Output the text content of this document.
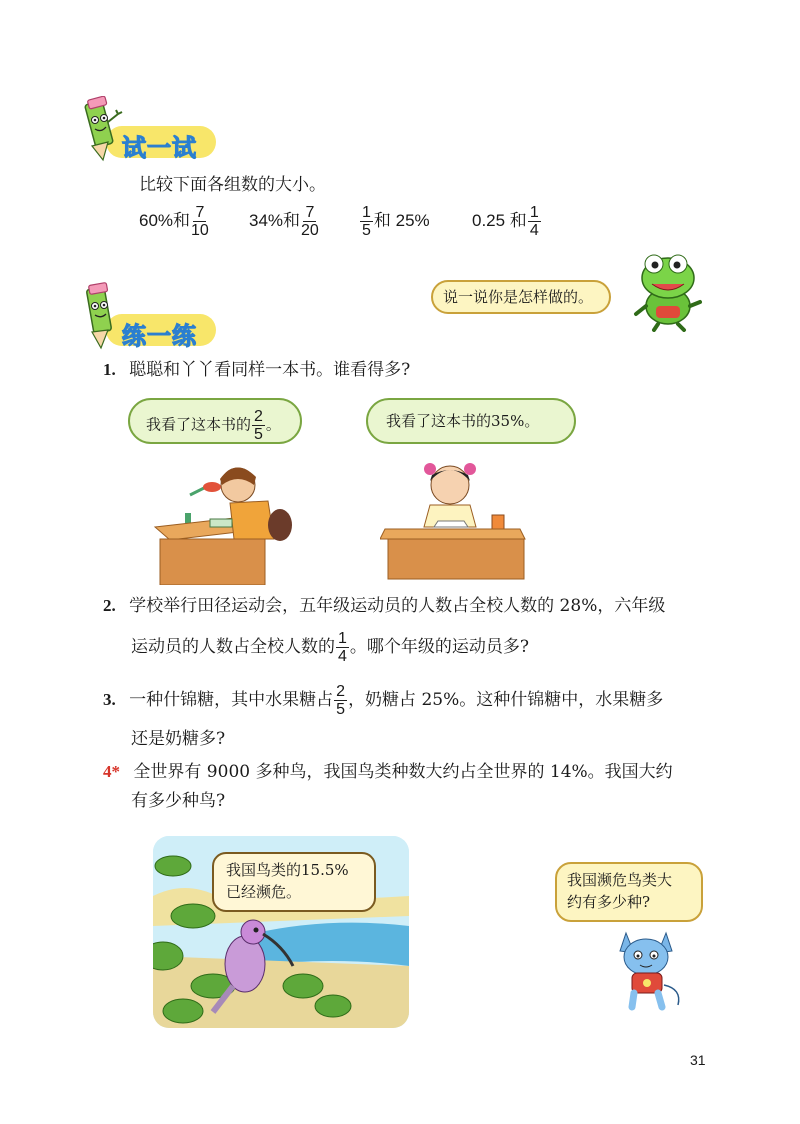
试一试
比较下面各组数的大小。
60%和 $\frac{7}{10} 34\%$和 $\frac{7}{20}$	$\frac{1}{5}$ 和 25% 0.25 和 $\frac{1}{4}$
说一说你是怎样做的。
练一练
1. 聪聪和丫丫看同样一本书。谁看得多?
我看了这本书的 $\frac{2}{5}$ 。	我看了这本书的35%。
2. 学校举行田径运动会，五年级运动员的人数占全校人数的 28%，六年级
运动员的人数占全校人数的 $\frac{1}{4}$ 。哪个年级的运动员多?
3. 一种什锦糖，其中水果糖占 $\frac{2}{5}$ ，奶糖占 25%。这种什锦糖中，水果糖多
还是奶糖多?
4* 全世界有 9000 多种鸟，我国鸟类种数大约占全世界的 14%。我国大约
有多少种鸟?
我国鸟类的15.5%
已经濒危。
我国濒危鸟类大
约有多少种?
31
